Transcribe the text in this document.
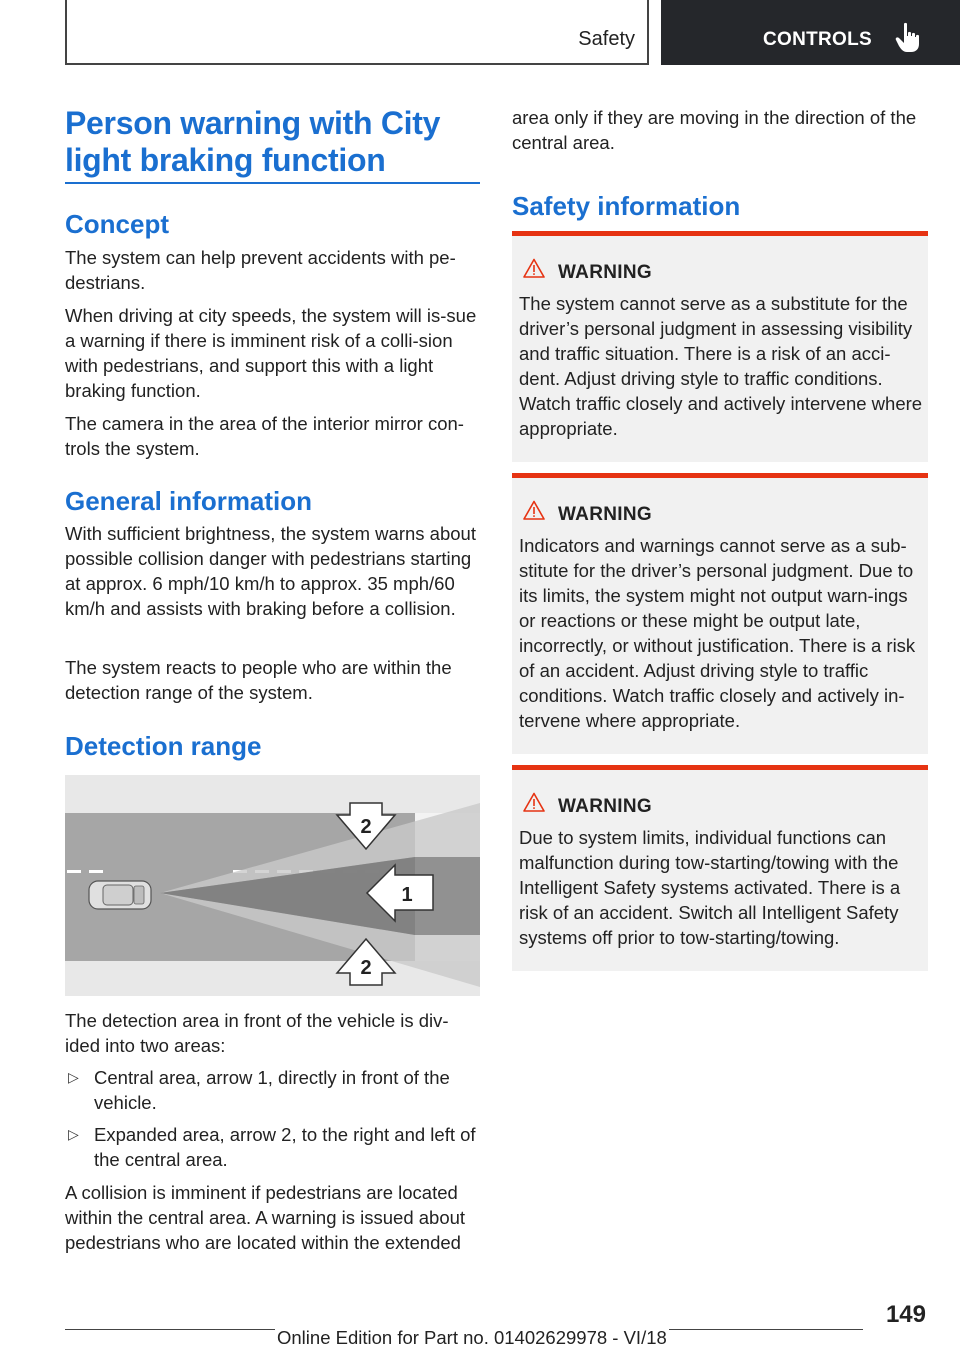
Safety	CONTROLS
Person warning with City light braking function
Concept

The system can help prevent accidents with pe-destrians.

When driving at city speeds, the system will is-sue a warning if there is imminent risk of a colli-sion with pedestrians, and support this with a light braking function.

The camera in the area of the interior mirror con-trols the system.

General information

With sufficient brightness, the system warns about possible collision danger with pedestrians starting at approx. 6 mph/10 km/h to approx. 35 mph/60 km/h and assists with braking before a collision.

The system reacts to people who are within the detection range of the system.

Detection range
2
1
2

The detection area in front of the vehicle is div-ided into two areas:

▷ Central area, arrow 1, directly in front of the vehicle.

▷ Expanded area, arrow 2, to the right and left of the central area.

A collision is imminent if pedestrians are located within the central area. A warning is issued about pedestrians who are located within the extended

area only if they are moving in the direction of the central area.

Safety information
WARNING

The system cannot serve as a substitute for the driver’s personal judgment in assessing visibility and traffic situation. There is a risk of an acci-dent. Adjust driving style to traffic conditions. Watch traffic closely and actively intervene where appropriate.

WARNING

Indicators and warnings cannot serve as a sub-stitute for the driver’s personal judgment. Due to its limits, the system might not output warn-ings or reactions or these might be output late, incorrectly, or without justification. There is a risk of an accident. Adjust driving style to traffic conditions. Watch traffic closely and actively in-tervene where appropriate.

WARNING

Due to system limits, individual functions can malfunction during tow-starting/towing with the Intelligent Safety systems activated. There is a risk of an accident. Switch all Intelligent Safety systems off prior to tow-starting/towing.

149
Online Edition for Part no. 01402629978 - VI/18
